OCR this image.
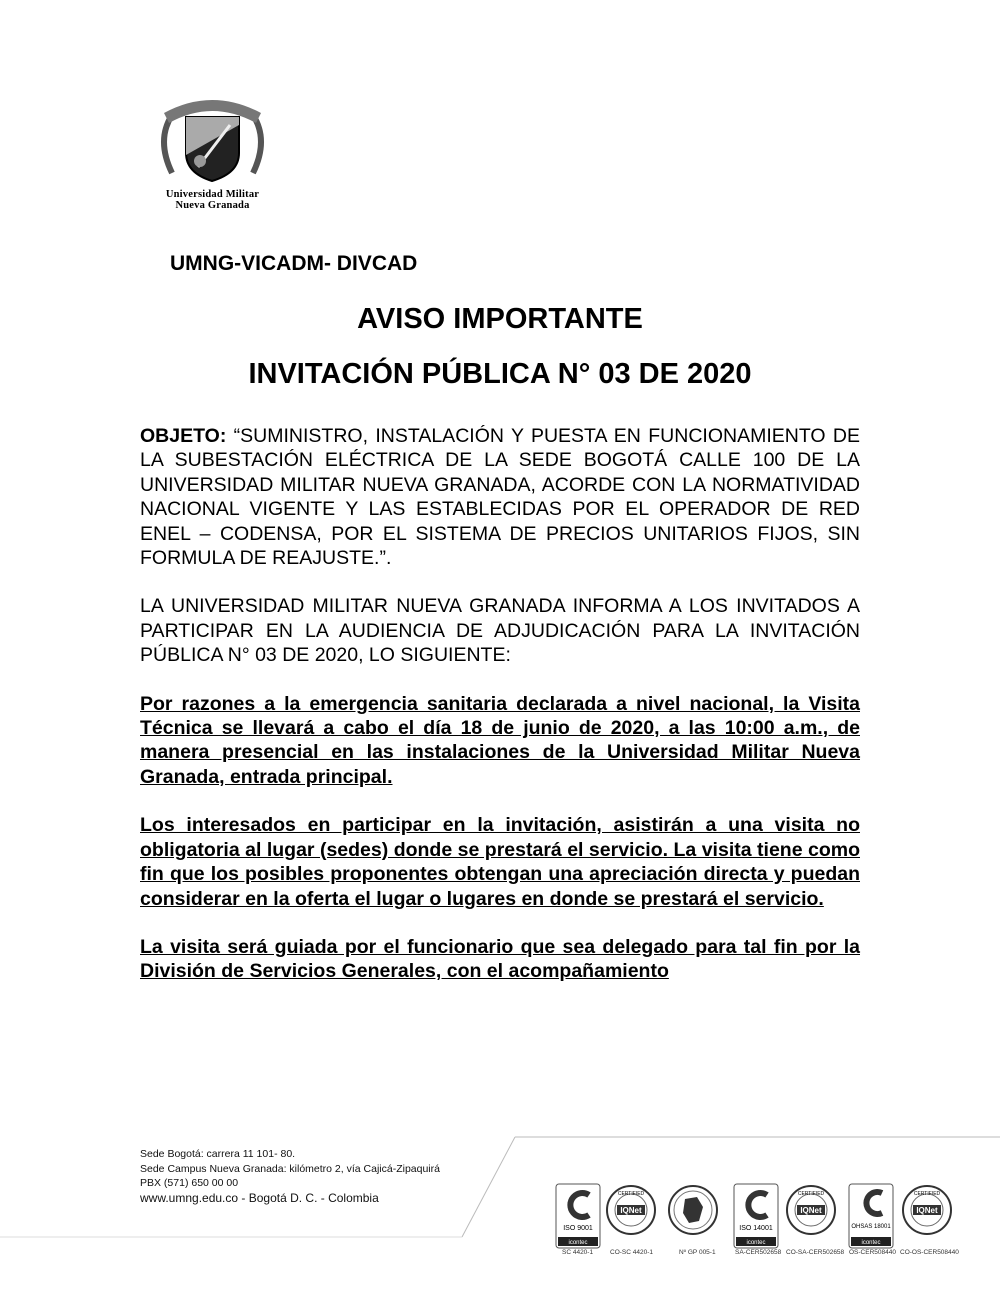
Universidad Militar
Nueva Granada
UMNG-VICADM- DIVCAD
AVISO IMPORTANTE
INVITACIÓN PÚBLICA N° 03 DE 2020

OBJETO: “SUMINISTRO, INSTALACIÓN Y PUESTA EN FUNCIONAMIENTO DE LA SUBESTACIÓN ELÉCTRICA DE LA SEDE BOGOTÁ CALLE 100 DE LA UNIVERSIDAD MILITAR NUEVA GRANADA, ACORDE CON LA NORMATIVIDAD NACIONAL VIGENTE Y LAS ESTABLECIDAS POR EL OPERADOR DE RED ENEL – CODENSA, POR EL SISTEMA DE PRECIOS UNITARIOS FIJOS, SIN FORMULA DE REAJUSTE.”.

LA UNIVERSIDAD MILITAR NUEVA GRANADA INFORMA A LOS INVITADOS A PARTICIPAR EN LA AUDIENCIA DE ADJUDICACIÓN PARA LA INVITACIÓN PÚBLICA N° 03 DE 2020, LO SIGUIENTE:

Por razones a la emergencia sanitaria declarada a nivel nacional, la Visita Técnica se llevará a cabo el día 18 de junio de 2020, a las 10:00 a.m., de manera presencial en las instalaciones de la Universidad Militar Nueva Granada, entrada principal.

Los interesados en participar en la invitación, asistirán a una visita no obligatoria al lugar (sedes) donde se prestará el servicio. La visita tiene como fin que los posibles proponentes obtengan una apreciación directa y puedan considerar en la oferta el lugar o lugares en donde se prestará el servicio.

La visita será guiada por el funcionario que sea delegado para tal fin por la División de Servicios Generales, con el acompañamiento

Sede Bogotá: carrera 11 101- 80.
Sede Campus Nueva Granada: kilómetro 2, vía Cajicá-Zipaquirá
PBX (571) 650 00 00
www.umng.edu.co - Bogotá D. C. - Colombia
ISO 9001
icontec
SC 4420-1
CERTIFIED
IQNet
CO-SC 4420-1	Nº GP 005-1
ISO 14001
icontec
SA-CER502658
CERTIFIED
IQNet
CO-SA-CER502658
OHSAS 18001
icontec
OS-CER508440
CERTIFIED
IQNet
CO-OS-CER508440
